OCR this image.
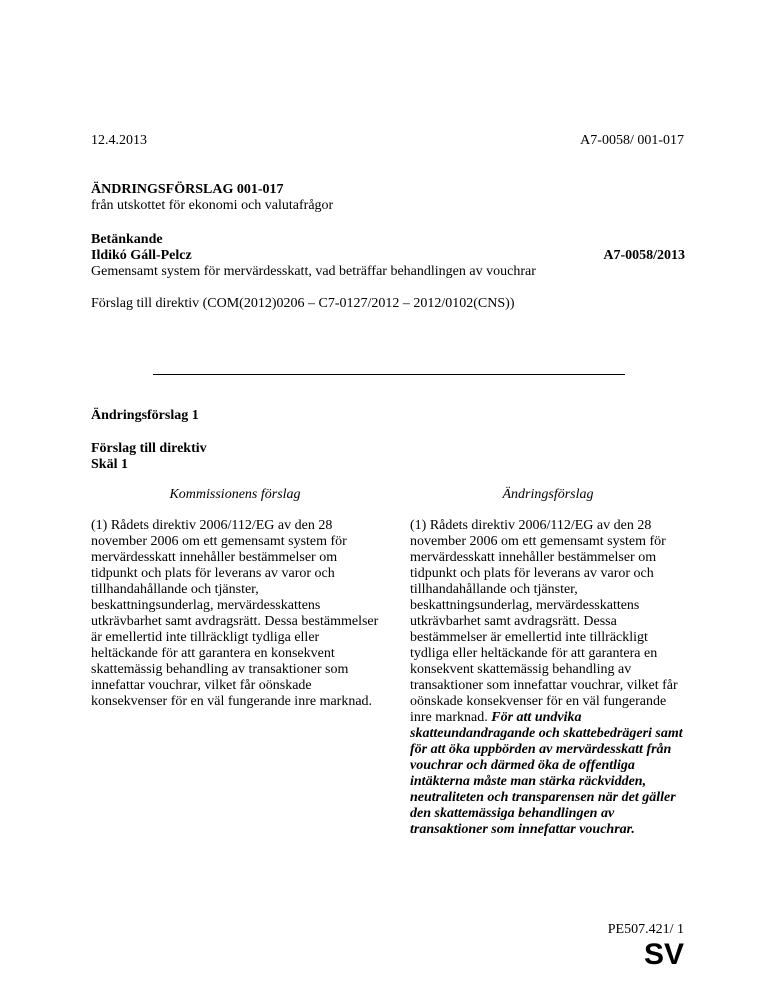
12.4.2013	A7-0058/ 001-017
ÄNDRINGSFÖRSLAG 001-017
från utskottet för ekonomi och valutafrågor
Betänkande
Ildikó Gáll-Pelcz	A7-0058/2013
Gemensamt system för mervärdesskatt, vad beträffar behandlingen av vouchrar
Förslag till direktiv (COM(2012)0206 – C7-0127/2012 – 2012/0102(CNS))
Ändringsförslag 1
Förslag till direktiv
Skäl 1
Kommissionens förslag	Ändringsförslag
(1) Rådets direktiv 2006/112/EG av den 28 november 2006 om ett gemensamt system för mervärdesskatt innehåller bestämmelser om tidpunkt och plats för leverans av varor och tillhandahållande och tjänster, beskattningsunderlag, mervärdesskattens utkrävbarhet samt avdragsrätt. Dessa bestämmelser är emellertid inte tillräckligt tydliga eller heltäckande för att garantera en konsekvent skattemässig behandling av transaktioner som innefattar vouchrar, vilket får oönskade konsekvenser för en väl fungerande inre marknad.
(1) Rådets direktiv 2006/112/EG av den 28 november 2006 om ett gemensamt system för mervärdesskatt innehåller bestämmelser om tidpunkt och plats för leverans av varor och tillhandahållande och tjänster, beskattningsunderlag, mervärdesskattens utkrävbarhet samt avdragsrätt. Dessa bestämmelser är emellertid inte tillräckligt tydliga eller heltäckande för att garantera en konsekvent skattemässig behandling av transaktioner som innefattar vouchrar, vilket får oönskade konsekvenser för en väl fungerande inre marknad. För att undvika skatteundandragande och skattebedrägeri samt för att öka uppbörden av mervärdesskatt från vouchrar och därmed öka de offentliga intäkterna måste man stärka räckvidden, neutraliteten och transparensen när det gäller den skattemässiga behandlingen av transaktioner som innefattar vouchrar.
PE507.421/ 1
SV
